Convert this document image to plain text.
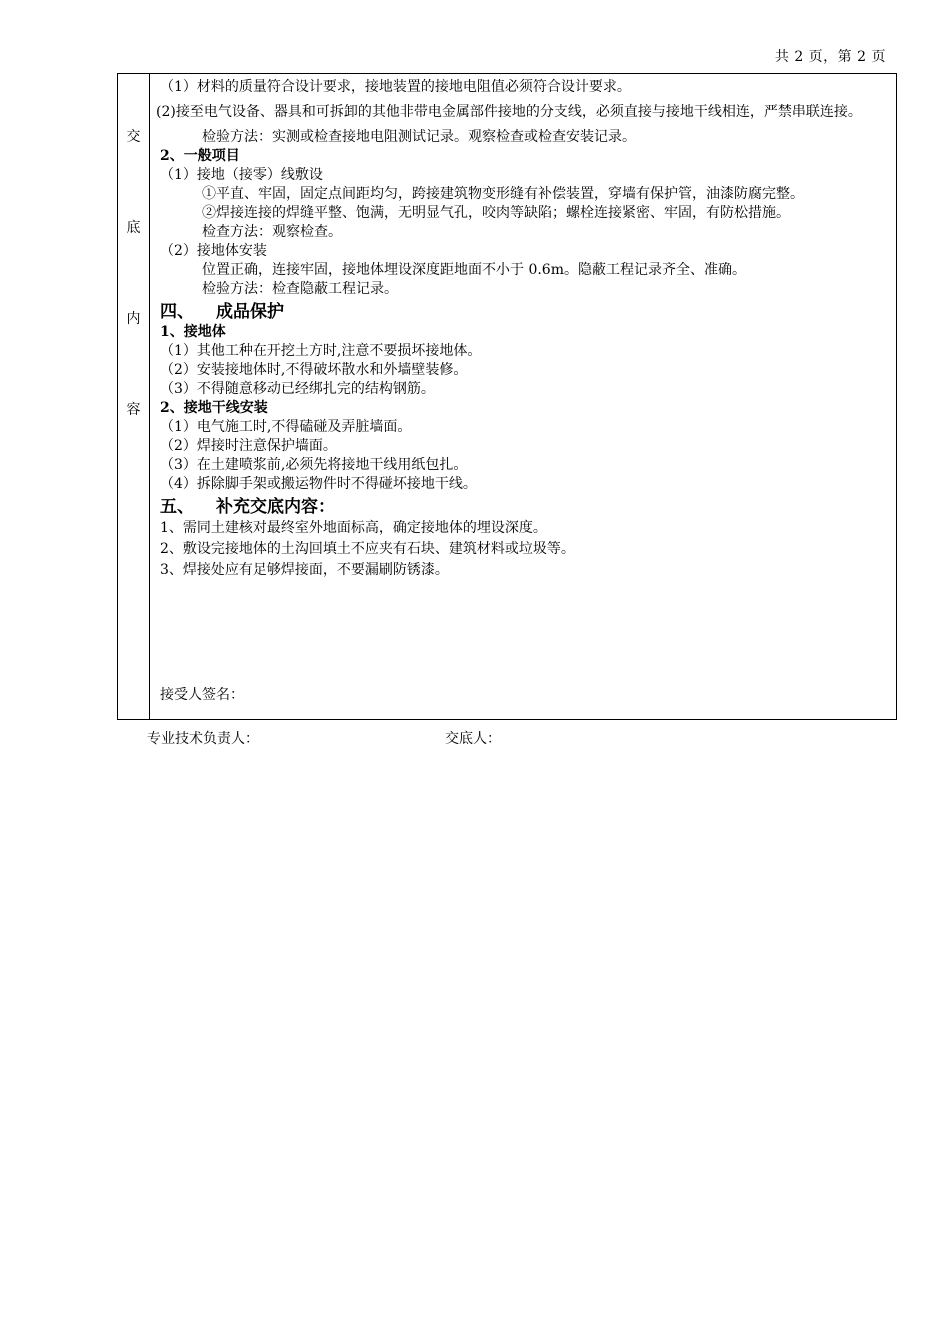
共 2 页，第 2 页
交
底
内
容
（1）材料的质量符合设计要求，接地装置的接地电阻值必须符合设计要求。
(2)接至电气设备、器具和可拆卸的其他非带电金属部件接地的分支线，必须直接与接地干线相连，严禁串联连接。
检验方法：实测或检查接地电阻测试记录。观察检查或检查安装记录。
2、一般项目
（1）接地（接零）线敷设
①平直、牢固，固定点间距均匀，跨接建筑物变形缝有补偿装置，穿墙有保护管，油漆防腐完整。
②焊接连接的焊缝平整、饱满，无明显气孔，咬肉等缺陷；螺栓连接紧密、牢固，有防松措施。
检查方法：观察检查。
（2）接地体安装
位置正确，连接牢固，接地体埋设深度距地面不小于 0.6m。隐蔽工程记录齐全、准确。
检验方法：检查隐蔽工程记录。
四、 成品保护
1、接地体
（1）其他工种在开挖土方时,注意不要损坏接地体。
（2）安装接地体时,不得破坏散水和外墙壁装修。
（3）不得随意移动已经绑扎完的结构钢筋。
2、接地干线安装
（1）电气施工时,不得磕碰及弄脏墙面。
（2）焊接时注意保护墙面。
（3）在土建喷浆前,必须先将接地干线用纸包扎。
（4）拆除脚手架或搬运物件时不得碰坏接地干线。
五、 补充交底内容：
1、需同土建核对最终室外地面标高，确定接地体的埋设深度。
2、敷设完接地体的土沟回填土不应夹有石块、建筑材料或垃圾等。
3、焊接处应有足够焊接面，不要漏刷防锈漆。
接受人签名：
专业技术负责人：	交底人：
